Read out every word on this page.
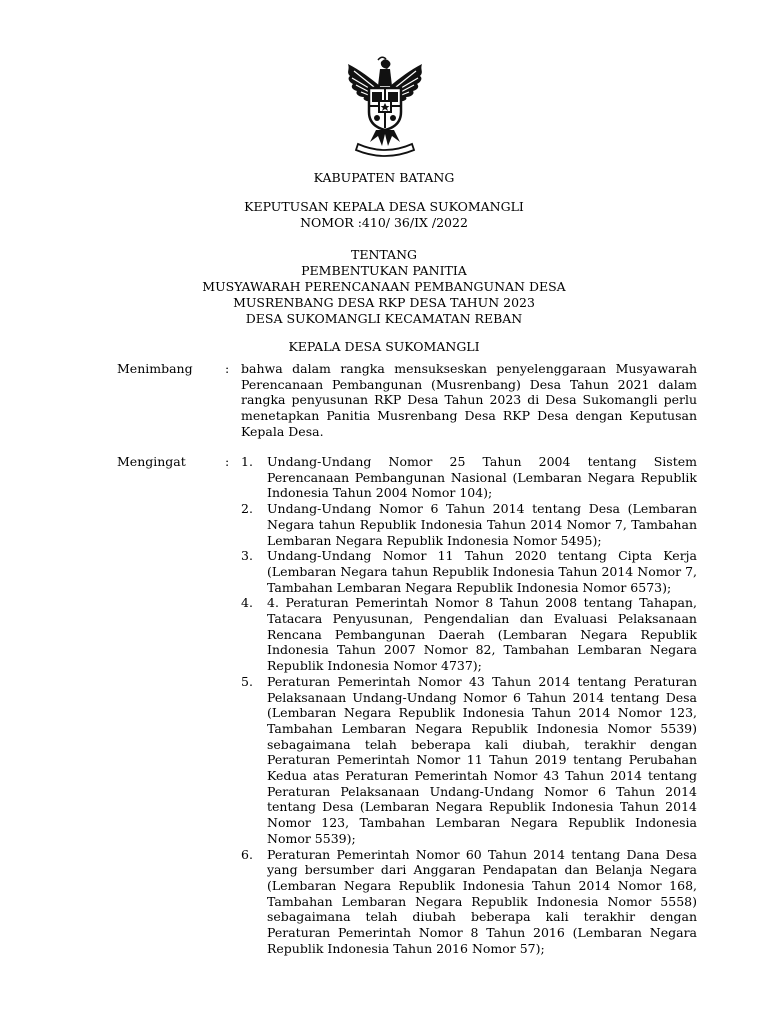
KABUPATEN BATANG
KEPUTUSAN KEPALA DESA SUKOMANGLI
NOMOR :410/ 36/IX /2022
TENTANG
PEMBENTUKAN PANITIA
MUSYAWARAH PERENCANAAN PEMBANGUNAN DESA
MUSRENBANG DESA RKP DESA TAHUN 2023
DESA SUKOMANGLI KECAMATAN REBAN
KEPALA DESA SUKOMANGLI
Menimbang	: bahwa dalam rangka mensukseskan penyelenggaraan Musyawarah Perencanaan Pembangunan (Musrenbang) Desa Tahun 2021 dalam rangka penyusunan RKP Desa Tahun 2023 di Desa Sukomangli perlu menetapkan Panitia Musrenbang Desa RKP Desa dengan Keputusan Kepala Desa.
Mengingat	: 1. Undang-Undang Nomor 25 Tahun 2004 tentang Sistem Perencanaan Pembangunan Nasional (Lembaran Negara Republik Indonesia Tahun 2004 Nomor 104);
2. Undang-Undang Nomor 6 Tahun 2014 tentang Desa (Lembaran Negara tahun Republik Indonesia Tahun 2014 Nomor 7, Tambahan Lembaran Negara Republik Indonesia Nomor 5495);
3. Undang-Undang Nomor 11 Tahun 2020 tentang Cipta Kerja (Lembaran Negara tahun Republik Indonesia Tahun 2014 Nomor 7, Tambahan Lembaran Negara Republik Indonesia Nomor 6573);
4. 4. Peraturan Pemerintah Nomor 8 Tahun 2008 tentang Tahapan, Tatacara Penyusunan, Pengendalian dan Evaluasi Pelaksanaan Rencana Pembangunan Daerah (Lembaran Negara Republik Indonesia Tahun 2007 Nomor 82, Tambahan Lembaran Negara Republik Indonesia Nomor 4737);
5. Peraturan Pemerintah Nomor 43 Tahun 2014 tentang Peraturan Pelaksanaan Undang-Undang Nomor 6 Tahun 2014 tentang Desa (Lembaran Negara Republik Indonesia Tahun 2014 Nomor 123, Tambahan Lembaran Negara Republik Indonesia Nomor 5539) sebagaimana telah beberapa kali diubah, terakhir dengan Peraturan Pemerintah Nomor 11 Tahun 2019 tentang Perubahan Kedua atas Peraturan Pemerintah Nomor 43 Tahun 2014 tentang Peraturan Pelaksanaan Undang-Undang Nomor 6 Tahun 2014 tentang Desa (Lembaran Negara Republik Indonesia Tahun 2014 Nomor 123, Tambahan Lembaran Negara Republik Indonesia Nomor 5539);
6. Peraturan Pemerintah Nomor 60 Tahun 2014 tentang Dana Desa yang bersumber dari Anggaran Pendapatan dan Belanja Negara (Lembaran Negara Republik Indonesia Tahun 2014 Nomor 168, Tambahan Lembaran Negara Republik Indonesia Nomor 5558) sebagaimana telah diubah beberapa kali terakhir dengan Peraturan Pemerintah Nomor 8 Tahun 2016 (Lembaran Negara Republik Indonesia Tahun 2016 Nomor 57);
